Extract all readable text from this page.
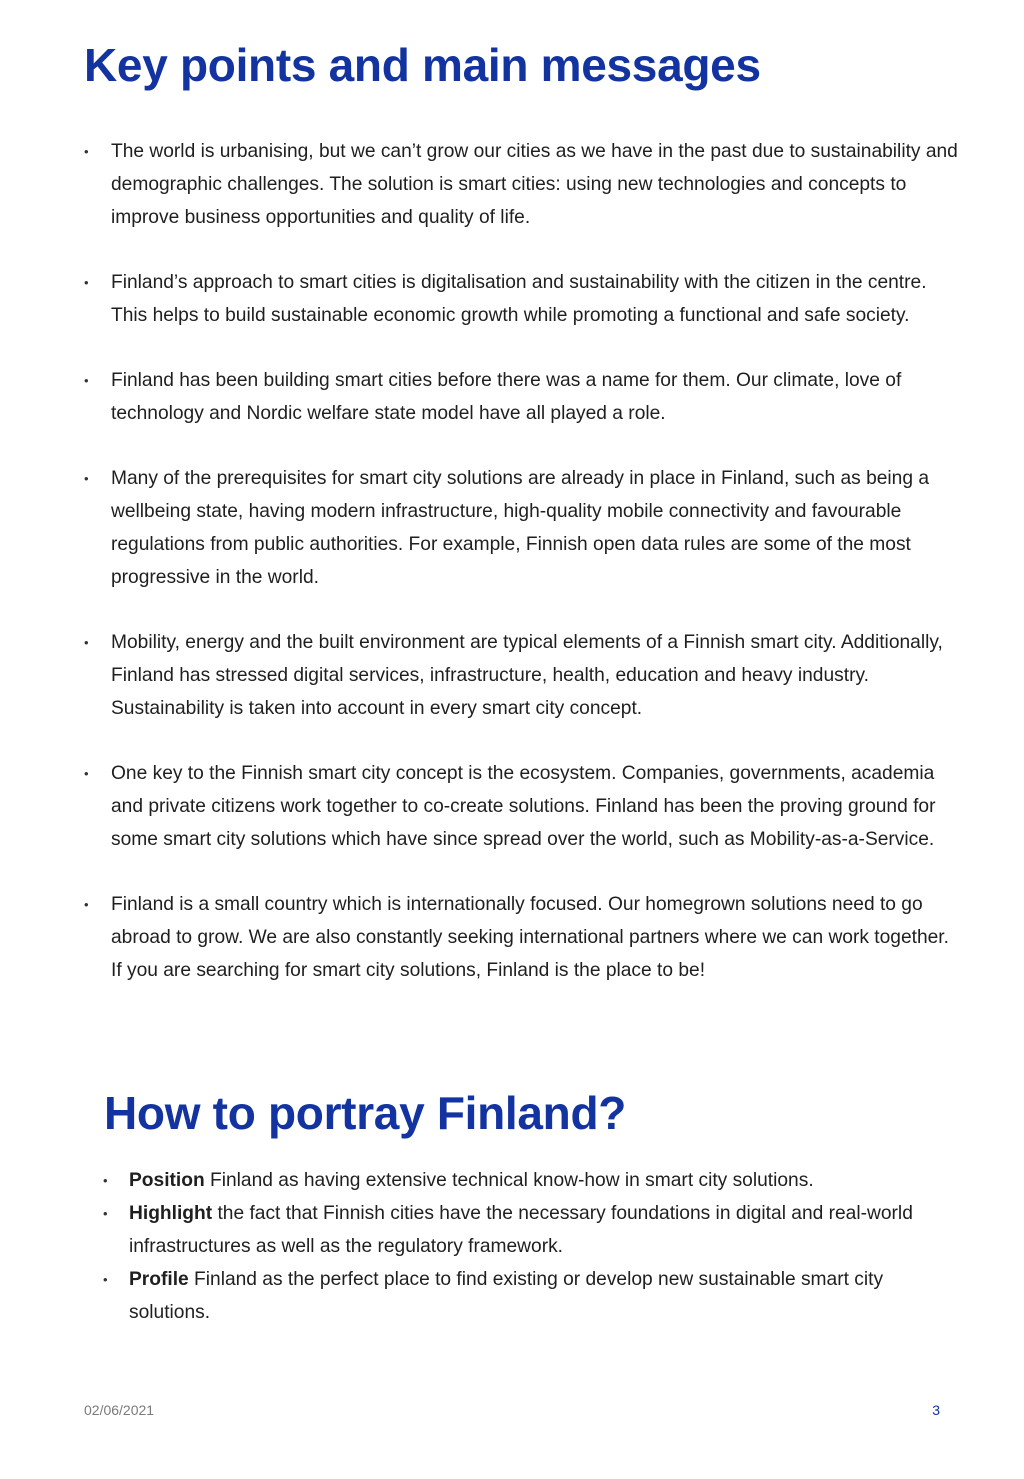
Key points and main messages
• The world is urbanising, but we can’t grow our cities as we have in the past due to sustainability and demographic challenges. The solution is smart cities: using new technologies and concepts to improve business opportunities and quality of life.
• Finland’s approach to smart cities is digitalisation and sustainability with the citizen in the centre. This helps to build sustainable economic growth while promoting a functional and safe society.
• Finland has been building smart cities before there was a name for them. Our climate, love of technology and Nordic welfare state model have all played a role.
• Many of the prerequisites for smart city solutions are already in place in Finland, such as being a wellbeing state, having modern infrastructure, high-quality mobile connectivity and favourable regulations from public authorities. For example, Finnish open data rules are some of the most progressive in the world.
• Mobility, energy and the built environment are typical elements of a Finnish smart city. Additionally, Finland has stressed digital services, infrastructure, health, education and heavy industry. Sustainability is taken into account in every smart city concept.
• One key to the Finnish smart city concept is the ecosystem. Companies, governments, academia and private citizens work together to co-create solutions. Finland has been the proving ground for some smart city solutions which have since spread over the world, such as Mobility-as-a-Service.
• Finland is a small country which is internationally focused. Our homegrown solutions need to go abroad to grow. We are also constantly seeking international partners where we can work together. If you are searching for smart city solutions, Finland is the place to be!
How to portray Finland?
• Position Finland as having extensive technical know-how in smart city solutions.
• Highlight the fact that Finnish cities have the necessary foundations in digital and real-world infrastructures as well as the regulatory framework.
• Profile Finland as the perfect place to find existing or develop new sustainable smart city solutions.
02/06/2021	3
